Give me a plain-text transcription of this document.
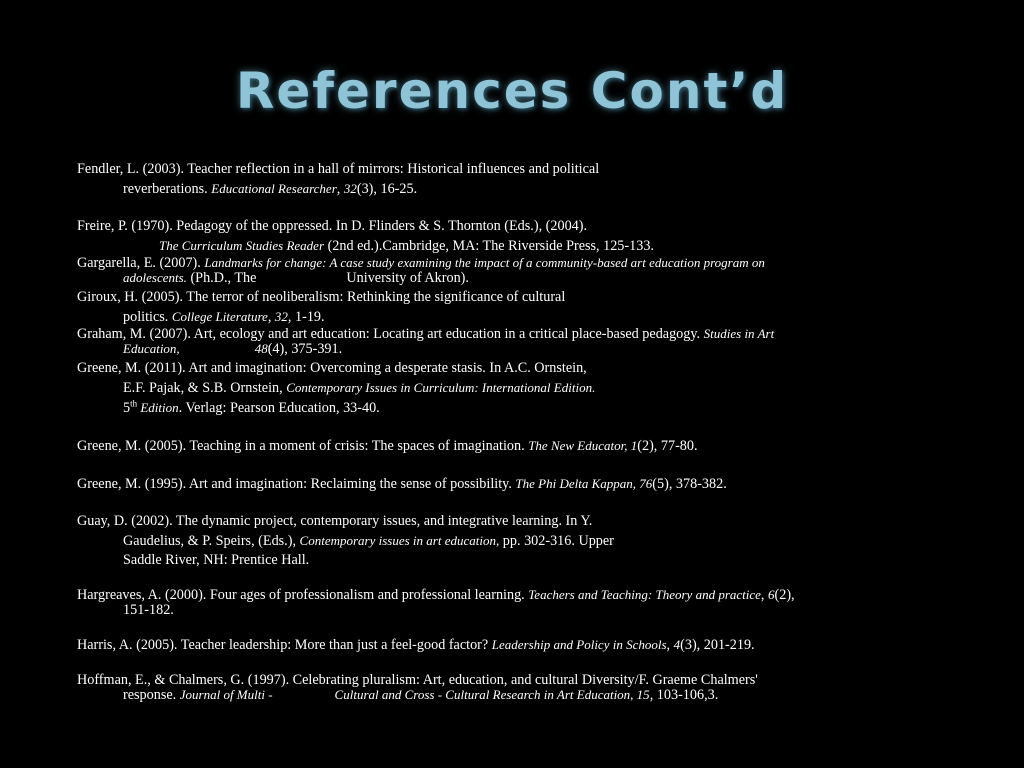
References Cont’d
Fendler, L. (2003). Teacher reflection in a hall of mirrors: Historical influences and political
reverberations. Educational Researcher, 32(3), 16-25.
Freire, P. (1970). Pedagogy of the oppressed. In D. Flinders & S. Thornton (Eds.), (2004).
The Curriculum Studies Reader (2nd ed.).Cambridge, MA: The Riverside Press, 125-133.
Gargarella, E. (2007). Landmarks for change: A case study examining the impact of a community-based art education program on
adolescents. (Ph.D., The	University of Akron).
Giroux, H. (2005). The terror of neoliberalism: Rethinking the significance of cultural
politics. College Literature, 32, 1-19.
Graham, M. (2007). Art, ecology and art education: Locating art education in a critical place-based pedagogy. Studies in Art
Education,	48(4), 375-391.
Greene, M. (2011). Art and imagination: Overcoming a desperate stasis. In A.C. Ornstein,
E.F. Pajak, & S.B. Ornstein, Contemporary Issues in Curriculum: International Edition.
5th Edition. Verlag: Pearson Education, 33-40.
Greene, M. (2005). Teaching in a moment of crisis: The spaces of imagination. The New Educator, 1(2), 77-80.
Greene, M. (1995). Art and imagination: Reclaiming the sense of possibility. The Phi Delta Kappan, 76(5), 378-382.
Guay, D. (2002). The dynamic project, contemporary issues, and integrative learning. In Y.
Gaudelius, & P. Speirs, (Eds.), Contemporary issues in art education, pp. 302-316. Upper
Saddle River, NH: Prentice Hall.
Hargreaves, A. (2000). Four ages of professionalism and professional learning. Teachers and Teaching: Theory and practice, 6(2),
151-182.
Harris, A. (2005). Teacher leadership: More than just a feel-good factor? Leadership and Policy in Schools, 4(3), 201-219.
Hoffman, E., & Chalmers, G. (1997). Celebrating pluralism: Art, education, and cultural Diversity/F. Graeme Chalmers'
response. Journal of Multi -	Cultural and Cross - Cultural Research in Art Education, 15, 103-106,3.
